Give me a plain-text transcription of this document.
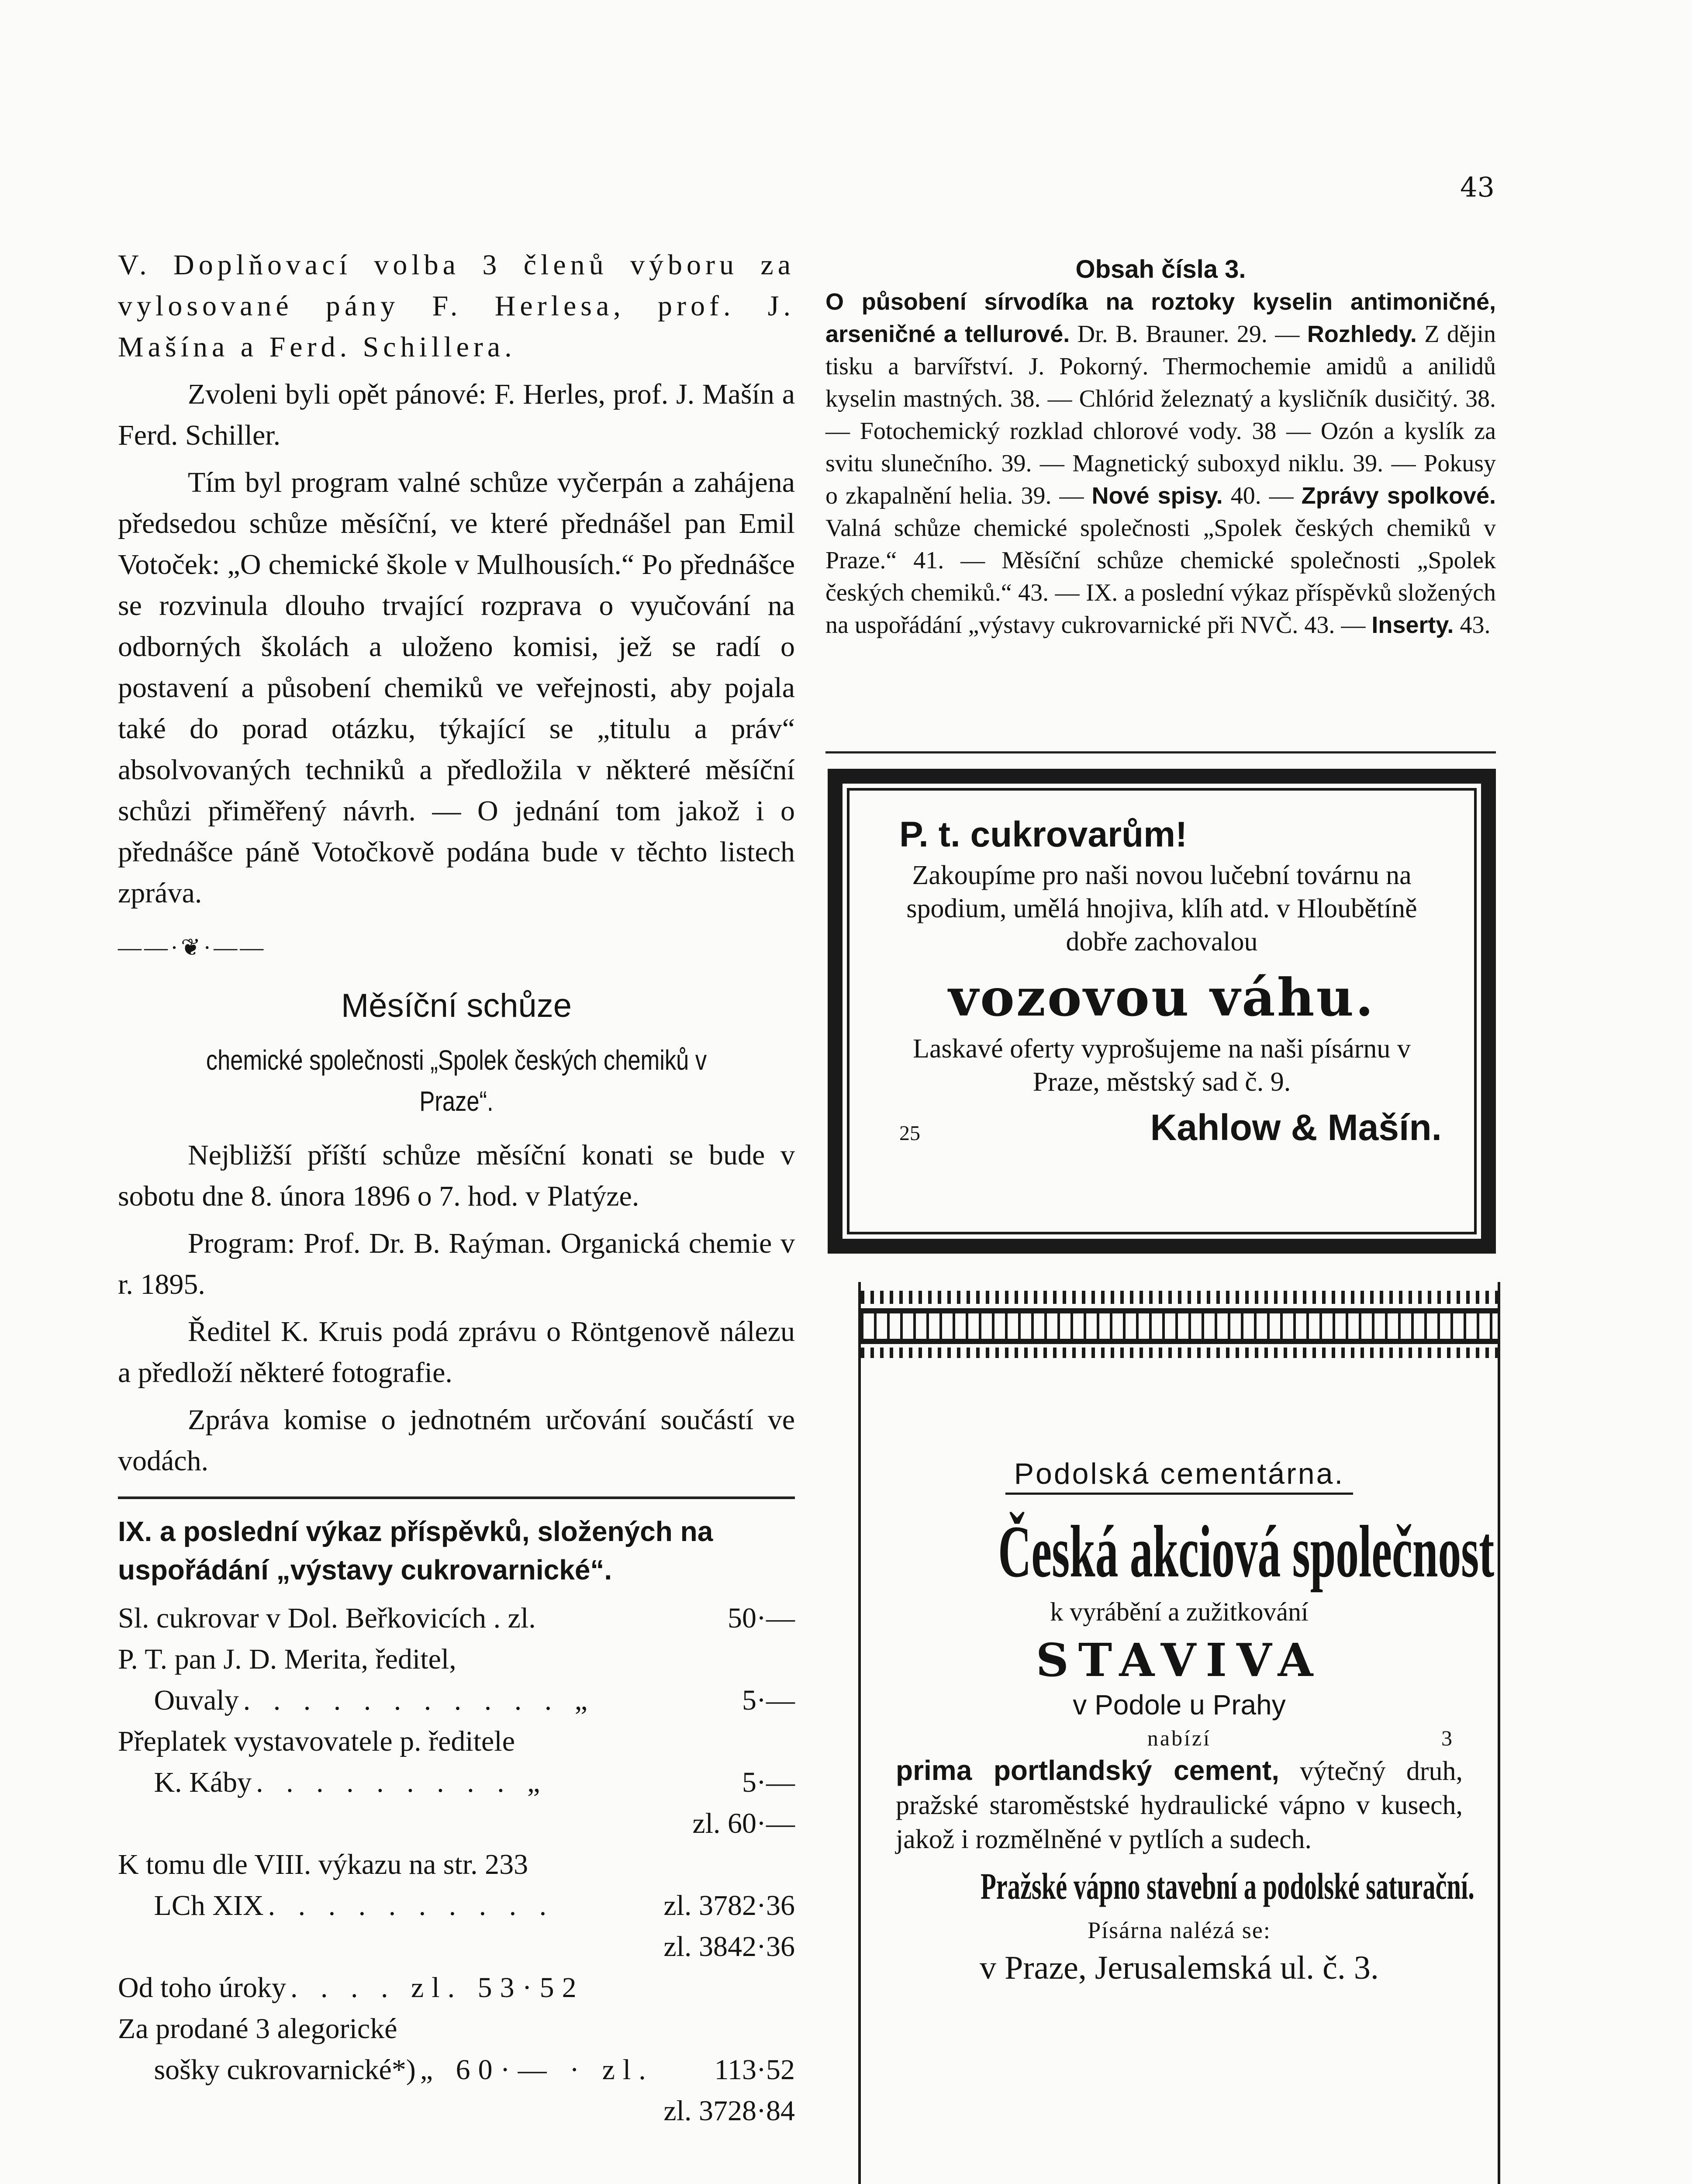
43

V. Doplňovací volba 3 členů výboru za vylosované pány F. Herlesa, prof. J. Mašína a Ferd. Schillera.

Zvoleni byli opět pánové: F. Herles, prof. J. Mašín a Ferd. Schiller.

Tím byl program valné schůze vyčerpán a zahájena předsedou schůze měsíční, ve které přednášel pan Emil Votoček: „O chemické škole v Mulhousích.“ Po přednášce se rozvinula dlouho trvající rozprava o vyučování na odborných školách a uloženo komisi, jež se radí o postavení a působení chemiků ve veřejnosti, aby pojala také do porad otázku, týkající se „titulu a práv“ absolvovaných techniků a předložila v některé měsíční schůzi přiměřený návrh. — O jednání tom jakož i o přednášce páně Votočkově podána bude v těchto listech zpráva.

——·❦·——

Měsíční schůze

chemické společnosti „Spolek českých chemiků v Praze“.

Nejbližší příští schůze měsíční konati se bude v sobotu dne 8. února 1896 o 7. hod. v Platýze.

Program: Prof. Dr. B. Raýman. Organická chemie v r. 1895.

Ředitel K. Kruis podá zprávu o Röntgenově nálezu a předloží některé fotografie.

Zpráva komise o jednotném určování součástí ve vodách.

IX. a poslední výkaz příspěvků, složených na uspořádání „výstavy cukrovarnické“.

Sl. cukrovar v Dol. Beřkovicích . zl.	50·—
P. T. pan J. D. Merita, ředitel,
Ouvaly . . . . . . . . . . . „	5·—
Přeplatek vystavovatele p. ředitele
K. Káby . . . . . . . . . „	5·—
zl. 60·—
K tomu dle VIII. výkazu na str. 233
LCh XIX . . . . . . . . . .	zl. 3782·36
zl. 3842·36
Od toho úroky . . . . zl. 53·52
Za prodané 3 alegorické
sošky cukrovarnické*) „ 60·— · zl.	113·52
zl. 3728·84
Obsah čísla 3.
O působení sírvodíka na roztoky kyselin antimoničné, arseničné a tellurové. Dr. B. Brauner. 29. — Rozhledy. Z dějin tisku a barvířství. J. Pokorný. Thermochemie amidů a anilidů kyselin mastných. 38. — Chlórid železnatý a kysličník dusičitý. 38. — Fotochemický rozklad chlorové vody. 38 — Ozón a kyslík za svitu slunečního. 39. — Magnetický suboxyd niklu. 39. — Pokusy o zkapalnění helia. 39. — Nové spisy. 40. — Zprávy spolkové. Valná schůze chemické společnosti „Spolek českých chemiků v Praze.“ 41. — Měsíční schůze chemické společnosti „Spolek českých chemiků.“ 43. — IX. a poslední výkaz příspěvků složených na uspořádání „výstavy cukrovarnické při NVČ. 43. — Inserty. 43.
P. t. cukrovarům!
Zakoupíme pro naši novou lučební továrnu na spodium, umělá hnojiva, klíh atd. v Hloubětíně dobře zachovalou
vozovou váhu.
Laskavé oferty vyprošujeme na naši písárnu v Praze, městský sad č. 9.
25	Kahlow & Mašín.
Podolská cementárna.
Česká akciová společnost
k vyrábění a zužitkování
STAVIVA
v Podole u Prahy
nabízí	3
prima portlandský cement, výtečný druh, pražské staroměstské hydraulické vápno v kusech, jakož i rozmělněné v pytlích a sudech.
Pražské vápno stavební a podolské saturační.
Písárna nalézá se:
v Praze, Jerusalemská ul. č. 3.
